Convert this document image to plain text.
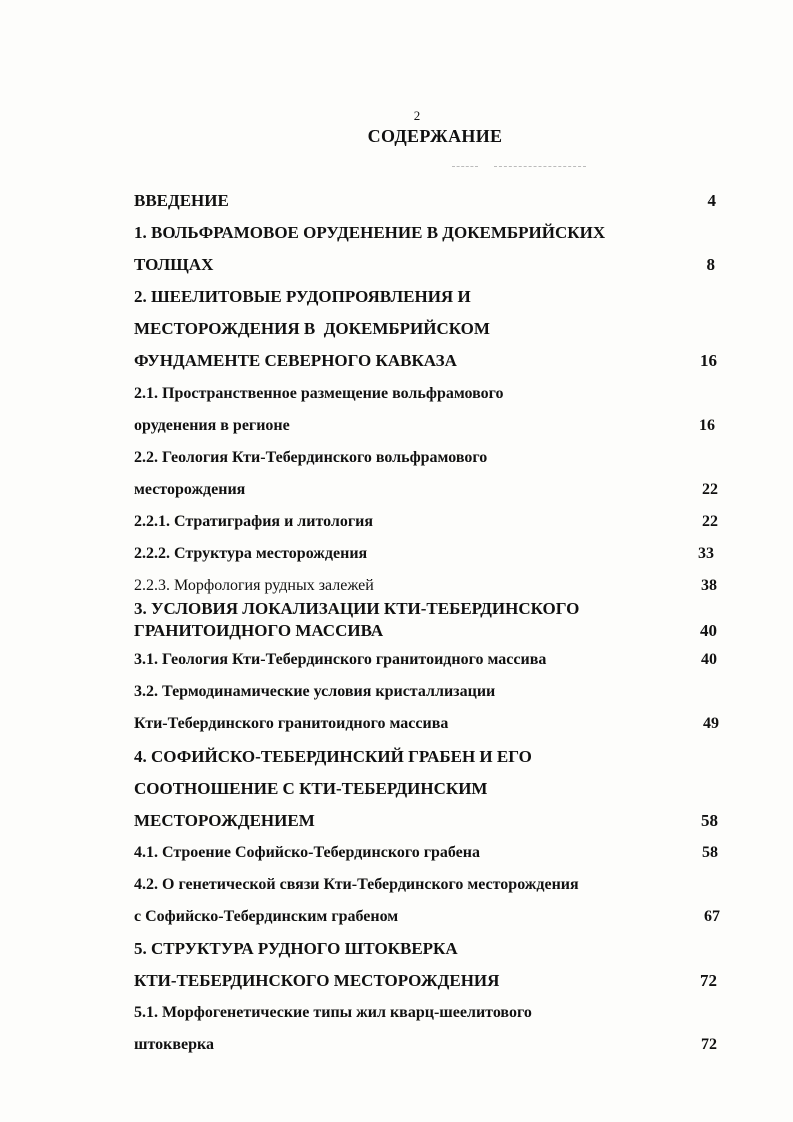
2
СОДЕРЖАНИЕ
ВВЕДЕНИЕ	4
1. ВОЛЬФРАМОВОЕ ОРУДЕНЕНИЕ В ДОКЕМБРИЙСКИХ
ТОЛЩАХ	8
2. ШЕЕЛИТОВЫЕ РУДОПРОЯВЛЕНИЯ И
МЕСТОРОЖДЕНИЯ В  ДОКЕМБРИЙСКОМ
ФУНДАМЕНТЕ СЕВЕРНОГО КАВКАЗА	16
2.1. Пространственное размещение вольфрамового
оруденения в регионе	16
2.2. Геология Кти-Тебердинского вольфрамового
месторождения	22
2.2.1. Стратиграфия и литология	22
2.2.2. Структура месторождения	33
2.2.3. Морфология рудных залежей	38
3. УСЛОВИЯ ЛОКАЛИЗАЦИИ КТИ-ТЕБЕРДИНСКОГО
ГРАНИТОИДНОГО МАССИВА	40
3.1. Геология Кти-Тебердинского гранитоидного массива	40
3.2. Термодинамические условия кристаллизации
Кти-Тебердинского гранитоидного массива	49
4. СОФИЙСКО-ТЕБЕРДИНСКИЙ ГРАБЕН И ЕГО
СООТНОШЕНИЕ С КТИ-ТЕБЕРДИНСКИМ
МЕСТОРОЖДЕНИЕМ	58
4.1. Строение Софийско-Тебердинского грабена	58
4.2. О генетической связи Кти-Тебердинского месторождения
с Софийско-Тебердинским грабеном	67
5. СТРУКТУРА РУДНОГО ШТОКВЕРКА
КТИ-ТЕБЕРДИНСКОГО МЕСТОРОЖДЕНИЯ	72
5.1. Морфогенетические типы жил кварц-шеелитового
штокверка	72
